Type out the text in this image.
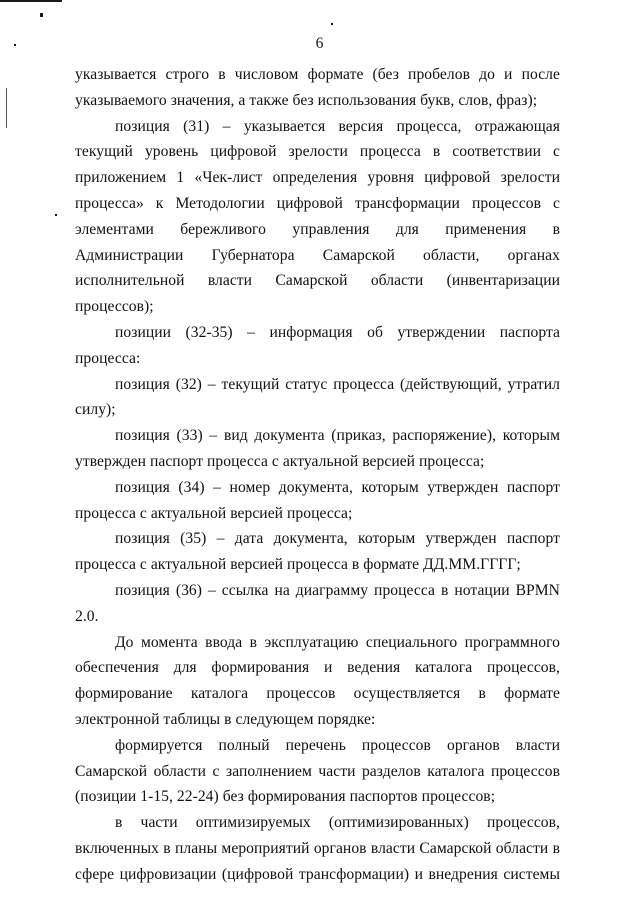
6

указывается строго в числовом формате (без пробелов до и после указываемого значения, а также без использования букв, слов, фраз);

позиция (31) – указывается версия процесса, отражающая текущий уровень цифровой зрелости процесса в соответствии с приложением 1 «Чек-лист определения уровня цифровой зрелости процесса» к Методологии цифровой трансформации процессов с элементами бережливого управления для применения в Администрации Губернатора Самарской области, органах исполнительной власти Самарской области (инвентаризации процессов);

позиции (32-35) – информация об утверждении паспорта процесса:

позиция (32) – текущий статус процесса (действующий, утратил силу);

позиция (33) – вид документа (приказ, распоряжение), которым утвержден паспорт процесса с актуальной версией процесса;

позиция (34) – номер документа, которым утвержден паспорт процесса с актуальной версией процесса;

позиция (35) – дата документа, которым утвержден паспорт процесса с актуальной версией процесса в формате ДД.ММ.ГГГГ;

позиция (36) – ссылка на диаграмму процесса в нотации BPMN 2.0.

До момента ввода в эксплуатацию специального программного обеспечения для формирования и ведения каталога процессов, формирование каталога процессов осуществляется в формате электронной таблицы в следующем порядке:

формируется полный перечень процессов органов власти Самарской области с заполнением части разделов каталога процессов (позиции 1-15, 22-24) без формирования паспортов процессов;

в части оптимизируемых (оптимизированных) процессов, включенных в планы мероприятий органов власти Самарской области в сфере цифровизации (цифровой трансформации) и внедрения системы
